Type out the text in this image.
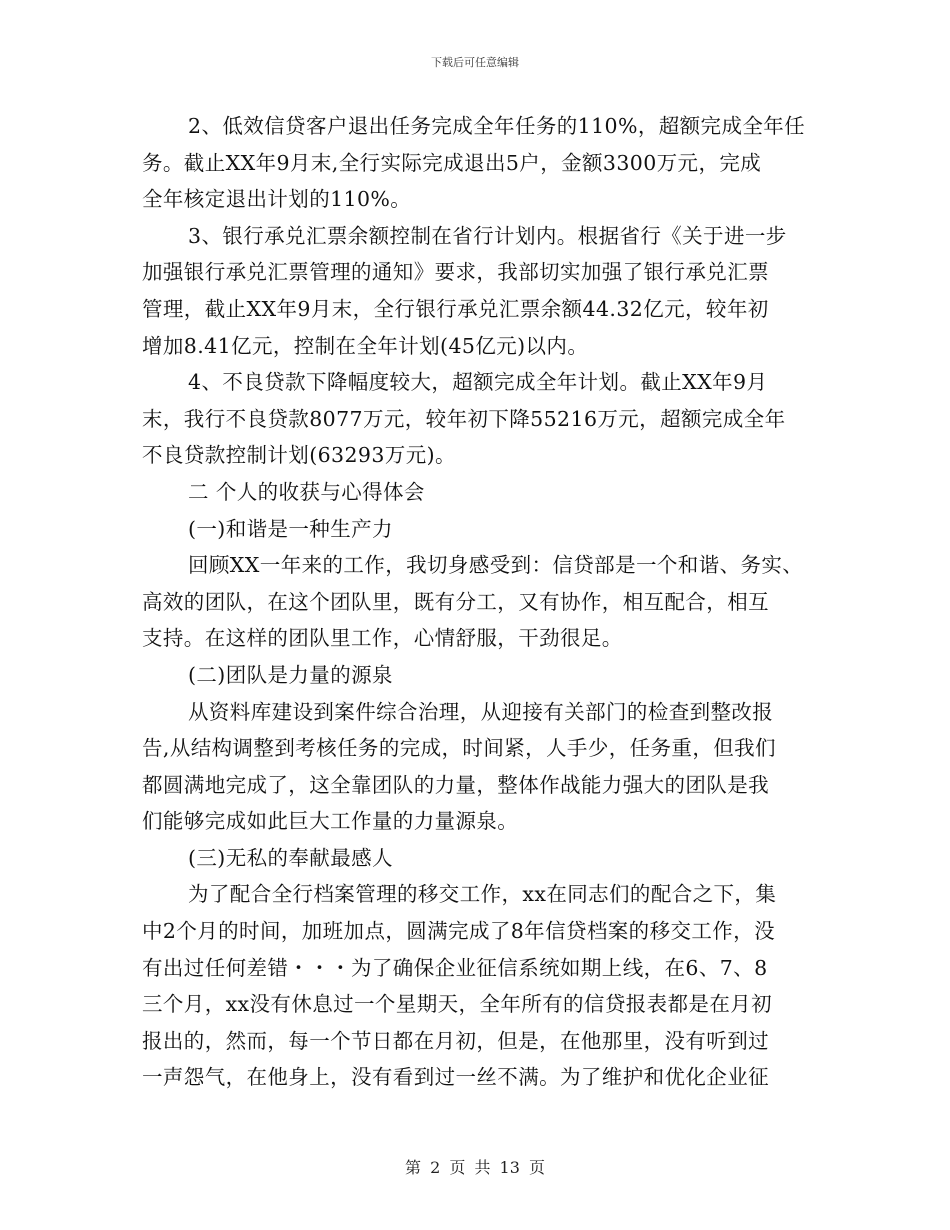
下载后可任意编辑
2、低效信贷客户退出任务完成全年任务的110%，超额完成全年任
务。截止XX年9月末,全行实际完成退出5户，金额3300万元，完成
全年核定退出计划的110%。
3、银行承兑汇票余额控制在省行计划内。根据省行《关于进一步
加强银行承兑汇票管理的通知》要求，我部切实加强了银行承兑汇票
管理，截止XX年9月末，全行银行承兑汇票余额44.32亿元，较年初
增加8.41亿元，控制在全年计划(45亿元)以内。
4、不良贷款下降幅度较大，超额完成全年计划。截止XX年9月
末，我行不良贷款8077万元，较年初下降55216万元，超额完成全年
不良贷款控制计划(63293万元)。
二 个人的收获与心得体会
(一)和谐是一种生产力
回顾XX一年来的工作，我切身感受到：信贷部是一个和谐、务实、
高效的团队，在这个团队里，既有分工，又有协作，相互配合，相互
支持。在这样的团队里工作，心情舒服，干劲很足。
(二)团队是力量的源泉
从资料库建设到案件综合治理，从迎接有关部门的检查到整改报
告,从结构调整到考核任务的完成，时间紧，人手少，任务重，但我们
都圆满地完成了，这全靠团队的力量，整体作战能力强大的团队是我
们能够完成如此巨大工作量的力量源泉。
(三)无私的奉献最感人
为了配合全行档案管理的移交工作，xx在同志们的配合之下，集
中2个月的时间，加班加点，圆满完成了8年信贷档案的移交工作，没
有出过任何差错・・・为了确保企业征信系统如期上线，在6、7、8
三个月，xx没有休息过一个星期天，全年所有的信贷报表都是在月初
报出的，然而，每一个节日都在月初，但是，在他那里，没有听到过
一声怨气，在他身上，没有看到过一丝不满。为了维护和优化企业征
第 2 页 共 13 页
